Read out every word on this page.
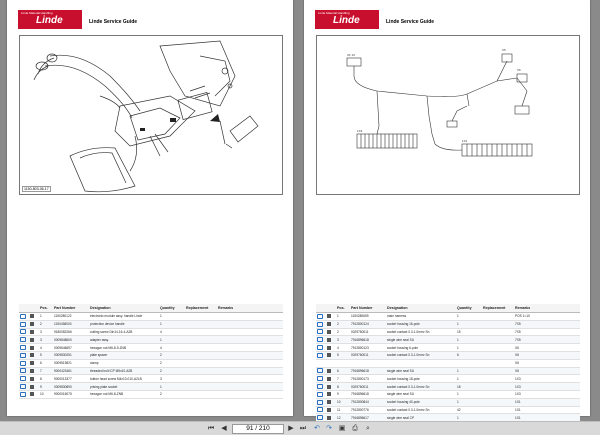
Linde Material Handling
Linde	Linde Service Guide
1150-803-06-17
		Pos.	Part Number	Designation	Quantity	Replacement	Remarks
		1	1150280122	electronic module assy. handle Linde	1		
		2	1150438000	protection device handle	1		
		3	9180082266	cutting screw Din14-16-4-A2B	4		
		3	0009848600	adapter assy.	1		
		4	0009646697	hexagon nut M6-8-9-ZNB	4		
		5	0009830251	plate spacer	2		
		6	0009519821	clamp	2		
		7	9000423461	threaded bolt ICP M5x10-A2B	2		
		8	9000013377	button head screw M4x10-010-A2LB	3		
		9	0009830890	prising plate socket	1		
		10	9000016075	hexagon nut M6-8-ZNB	2		
Linde Material Handling
Linde	Linde Service Guide
3X 1X
X5
X6
1X3
1X1
		Pos.	Part Number	Designation	Quantity	Replacement	Remarks
		1	1150280659	main harness	1		POS 1=10
		2	7912800124	socket housing 16-pole	1		7X5
		2	0029760011	socket contact 0.3-1.0mm² Sn	15		7X5
		3	7916896618	single wire seal SU	1		7X5
		4	7912800123	socket housing 6-pole	1		X6
		5	0029760011	socket contact 0.3-1.0mm² Sn	6		X6
							X6
		6	7916896618	single wire seal SU	1		X6
		7	7912800173	socket housing 18-pole	1		1X3
		8	0029760011	socket contact 0.3-1.0mm² Sn	18		1X3
		9	7916896618	single wire seal SU	1		1X3
		10	7912800844	socket housing 40-pole	1		1X1
		11	7912800776	socket contact 0.3-1.0mm² Sn	42		1X1
		12	7916896617	single wire seal CP	1		1X1
⏮	◀	91 / 210	▶ ⏭ ↶ ↷ ▣ ⎙	⌕
